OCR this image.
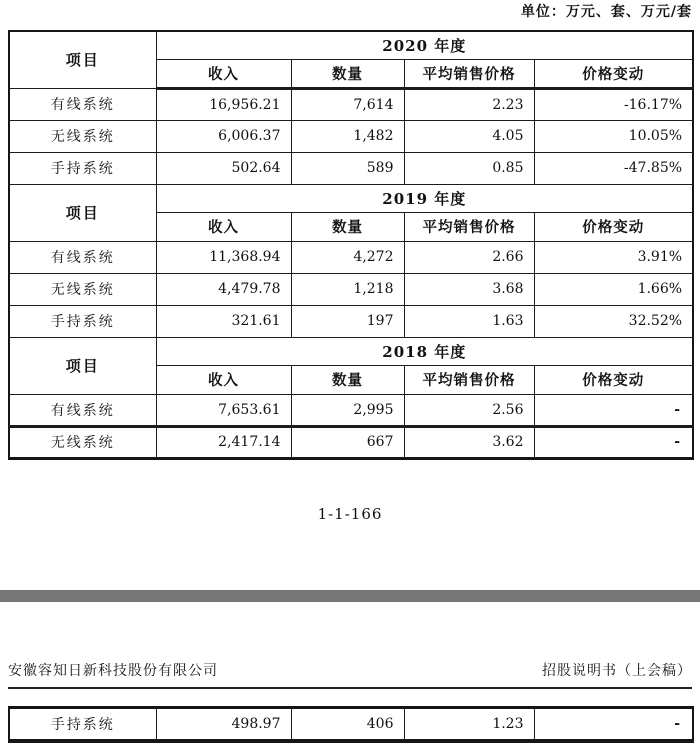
单位：万元、套、万元/套
项目	2020 年度			
	收入	数量	平均销售价格	价格变动
有线系统	16,956.21	7,614	2.23	-16.17%
无线系统	6,006.37	1,482	4.05	10.05%
手持系统	502.64	589	0.85	-47.85%
项目	2019 年度			
	收入	数量	平均销售价格	价格变动
有线系统	11,368.94	4,272	2.66	3.91%
无线系统	4,479.78	1,218	3.68	1.66%
手持系统	321.61	197	1.63	32.52%
项目	2018 年度			
	收入	数量	平均销售价格	价格变动
有线系统	7,653.61	2,995	2.56	-
无线系统	2,417.14	667	3.62	-
1-1-166
安徽容知日新科技股份有限公司	招股说明书（上会稿）
手持系统	498.97	406	1.23	-
